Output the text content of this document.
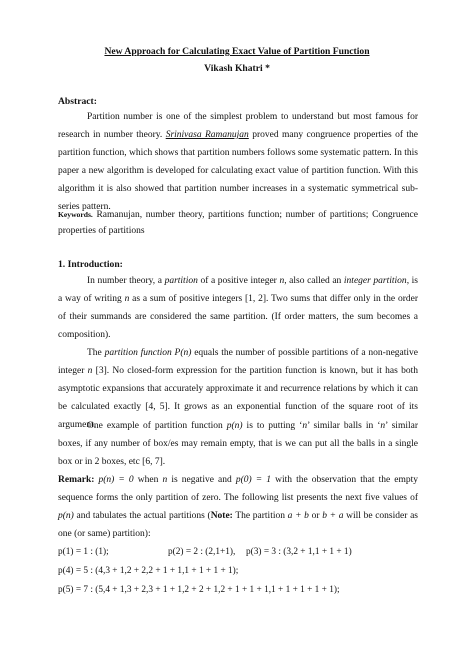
New Approach for Calculating Exact Value of Partition Function
Vikash Khatri *
Abstract:

Partition number is one of the simplest problem to understand but most famous for research in number theory. Srinivasa Ramanujan proved many congruence properties of the partition function, which shows that partition numbers follows some systematic pattern. In this paper a new algorithm is developed for calculating exact value of partition function. With this algorithm it is also showed that partition number increases in a systematic symmetrical sub-series pattern.

Keywords. Ramanujan, number theory, partitions function; number of partitions; Congruence properties of partitions

1. Introduction:

In number theory, a partition of a positive integer n, also called an integer partition, is a way of writing n as a sum of positive integers [1, 2]. Two sums that differ only in the order of their summands are considered the same partition. (If order matters, the sum becomes a composition).

The partition function P(n) equals the number of possible partitions of a non-negative integer n [3]. No closed-form expression for the partition function is known, but it has both asymptotic expansions that accurately approximate it and recurrence relations by which it can be calculated exactly [4, 5]. It grows as an exponential function of the square root of its argument.

One example of partition function p(n) is to putting ‘n’ similar balls in ‘n’ similar boxes, if any number of box/es may remain empty, that is we can put all the balls in a single box or in 2 boxes, etc [6, 7].

Remark: p(n) = 0 when n is negative and p(0) = 1 with the observation that the empty sequence forms the only partition of zero. The following list presents the next five values of p(n) and tabulates the actual partitions (Note: The partition a + b or b + a will be consider as one (or same) partition):

p(1) = 1 : (1);	p(2) = 2 : (2,1+1), p(3) = 3 : (3,2 + 1,1 + 1 + 1)
p(4) = 5 : (4,3 + 1,2 + 2,2 + 1 + 1,1 + 1 + 1 + 1);
p(5) = 7 : (5,4 + 1,3 + 2,3 + 1 + 1,2 + 2 + 1,2 + 1 + 1 + 1,1 + 1 + 1 + 1 + 1);
